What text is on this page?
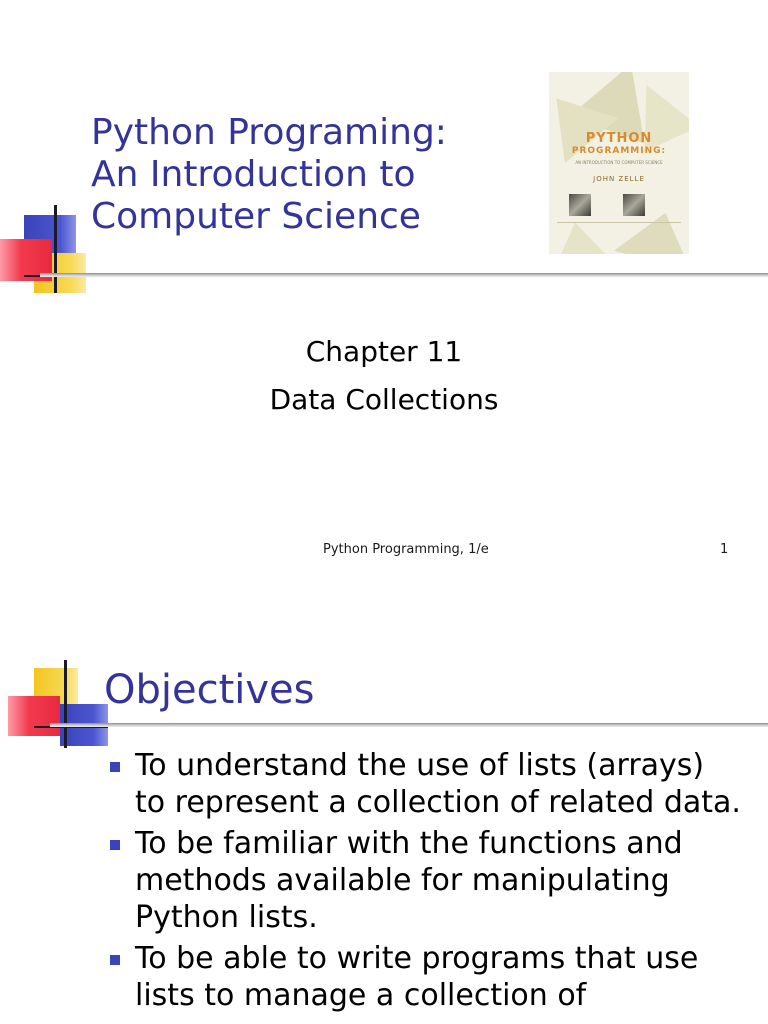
Python Programing:
An Introduction to
Computer Science
PYTHON
PROGRAMMING:
AN INTRODUCTION TO COMPUTER SCIENCE
JOHN ZELLE
Chapter 11
Data Collections
Python Programming, 1/e	1
Objectives
To understand the use of lists (arrays)
to represent a collection of related data.
To be familiar with the functions and
methods available for manipulating
Python lists.
To be able to write programs that use
lists to manage a collection of
